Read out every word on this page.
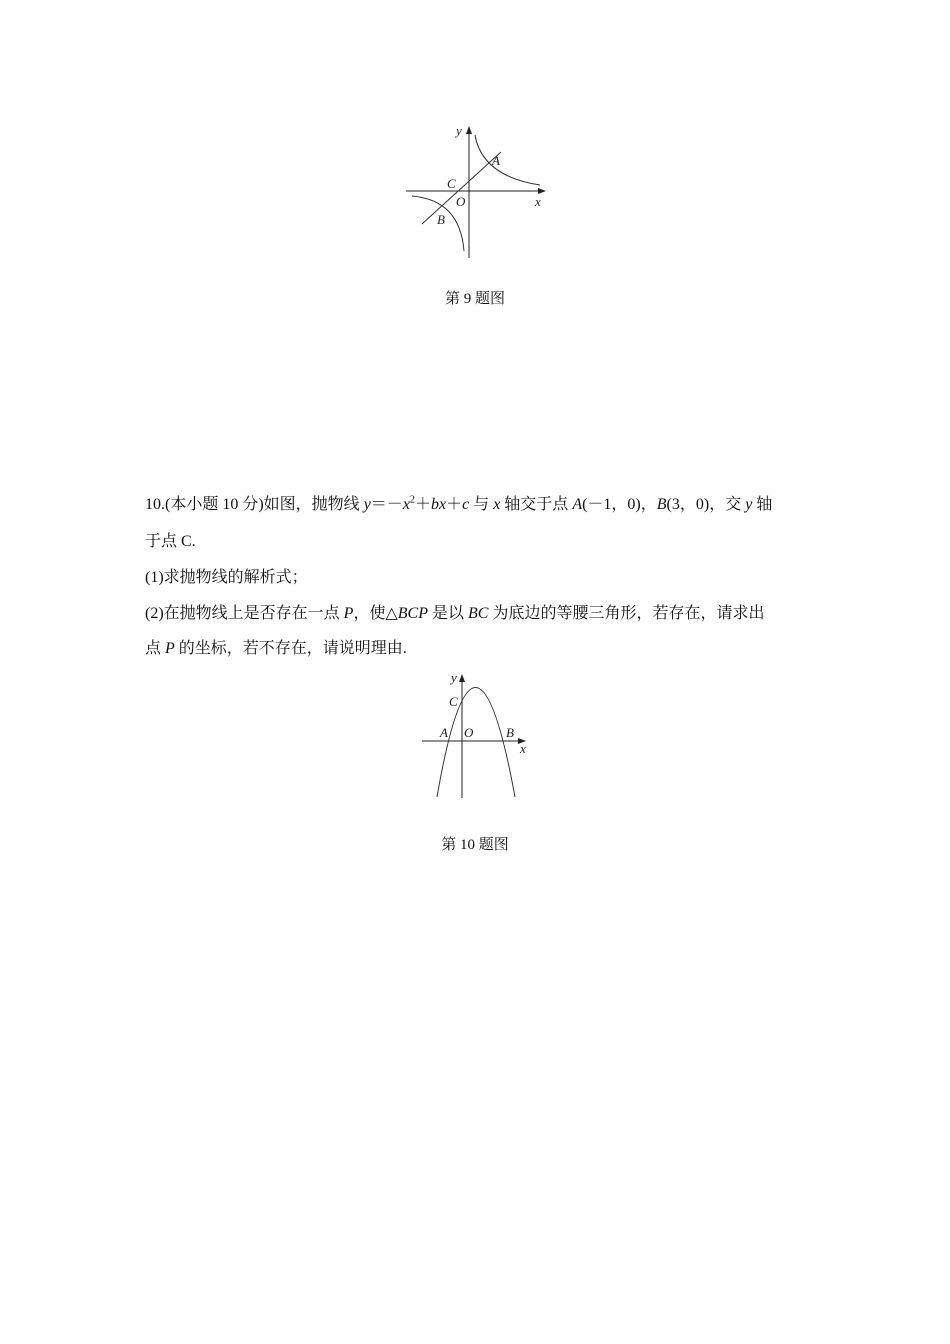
y
x
A
C
O
B
第 9 题图
10.(本小题 10 分)如图，抛物线 $y=-x^2+bx+c$ 与 x 轴交于点 A(－1，0)，B(3，0)，交 y 轴
于点 C.
(1)求抛物线的解析式；
(2)在抛物线上是否存在一点 P，使△BCP 是以 BC 为底边的等腰三角形，若存在，请求出
点 P 的坐标，若不存在，请说明理由.
y
C
A O	B
x
第 10 题图
